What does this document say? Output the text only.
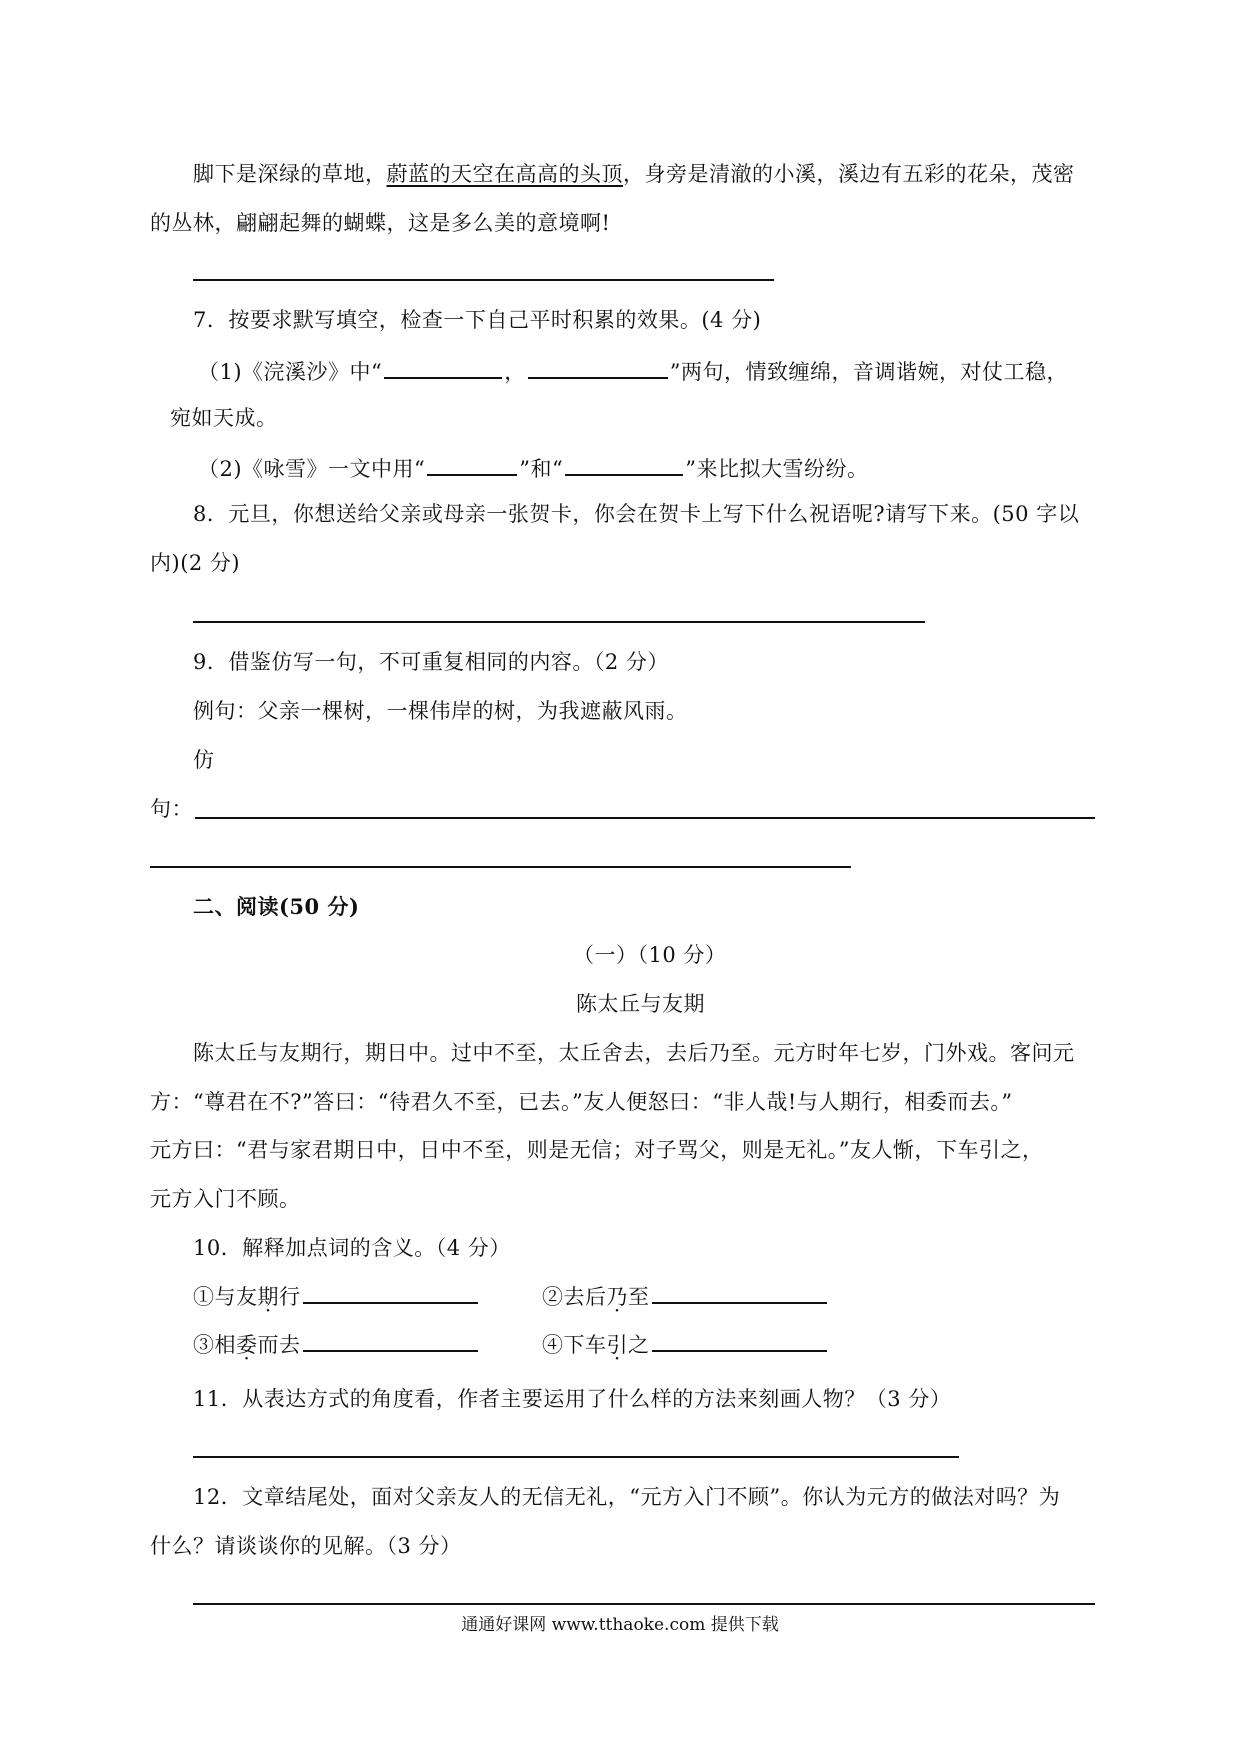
脚下是深绿的草地，蔚蓝的天空在高高的头顶，身旁是清澈的小溪，溪边有五彩的花朵，茂密
的丛林，翩翩起舞的蝴蝶，这是多么美的意境啊!
7．按要求默写填空，检查一下自己平时积累的效果。(4 分)
（1)《浣溪沙》中“	，	”两句，情致缠绵，音调谐婉，对仗工稳，
宛如天成。
（2)《咏雪》一文中用“	”和“	”来比拟大雪纷纷。
8．元旦，你想送给父亲或母亲一张贺卡，你会在贺卡上写下什么祝语呢?请写下来。(50 字以
内)(2 分)
9．借鉴仿写一句，不可重复相同的内容。（2 分）
例句：父亲一棵树，一棵伟岸的树，为我遮蔽风雨。
仿
句：
二、阅读(50 分)
（一）（10 分）
陈太丘与友期
陈太丘与友期行，期日中。过中不至，太丘舍去，去后乃至。元方时年七岁，门外戏。客问元
方：“尊君在不?”答曰：“待君久不至，已去。”友人便怒曰：“非人哉!与人期行，相委而去。”
元方曰：“君与家君期日中，日中不至，则是无信；对子骂父，则是无礼。”友人惭，下车引之，
元方入门不顾。
10．解释加点词的含义。（4 分）
①与友期行	②去后乃至
③相委而去	④下车引之
11．从表达方式的角度看，作者主要运用了什么样的方法来刻画人物？（3 分）
12．文章结尾处，面对父亲友人的无信无礼，“元方入门不顾”。你认为元方的做法对吗？为
什么？请谈谈你的见解。（3 分）
通通好课网 www.tthaoke.com 提供下载
